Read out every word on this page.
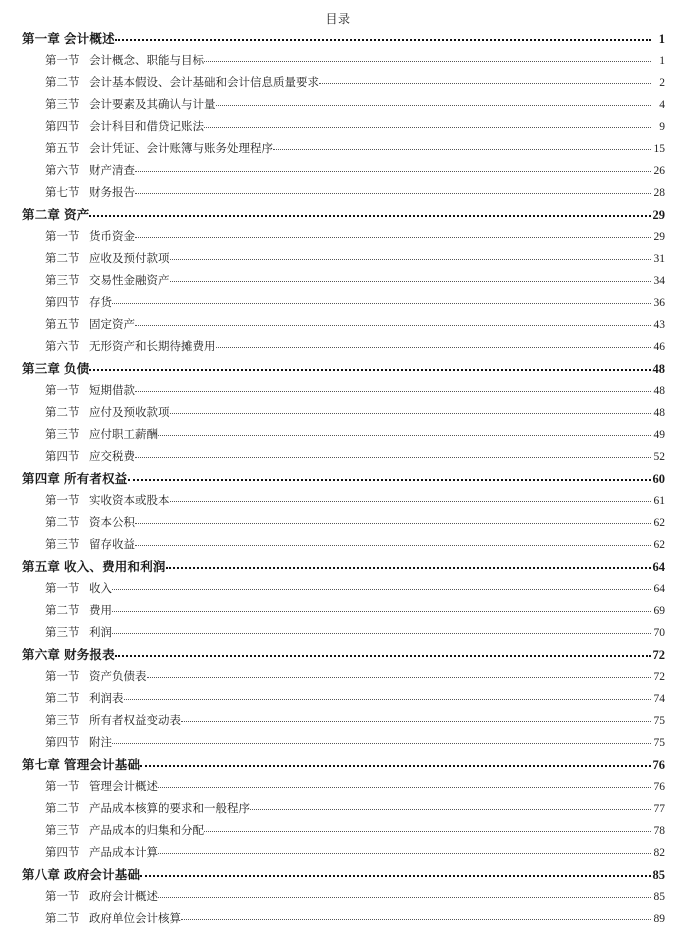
目录
第一章 会计概述	1
第一节 会计概念、职能与目标	1
第二节 会计基本假设、会计基础和会计信息质量要求	2
第三节 会计要素及其确认与计量	4
第四节 会计科目和借贷记账法	9
第五节 会计凭证、会计账簿与账务处理程序	15
第六节 财产清查	26
第七节 财务报告	28
第二章 资产	29
第一节 货币资金	29
第二节 应收及预付款项	31
第三节 交易性金融资产	34
第四节 存货	36
第五节 固定资产	43
第六节 无形资产和长期待摊费用	46
第三章 负债	48
第一节 短期借款	48
第二节 应付及预收款项	48
第三节 应付职工薪酬	49
第四节 应交税费	52
第四章 所有者权益	60
第一节 实收资本或股本	61
第二节 资本公积	62
第三节 留存收益	62
第五章 收入、费用和利润	64
第一节 收入	64
第二节 费用	69
第三节 利润	70
第六章 财务报表	72
第一节 资产负债表	72
第二节 利润表	74
第三节 所有者权益变动表	75
第四节 附注	75
第七章 管理会计基础	76
第一节 管理会计概述	76
第二节 产品成本核算的要求和一般程序	77
第三节 产品成本的归集和分配	78
第四节 产品成本计算	82
第八章 政府会计基础	85
第一节 政府会计概述	85
第二节 政府单位会计核算	89
